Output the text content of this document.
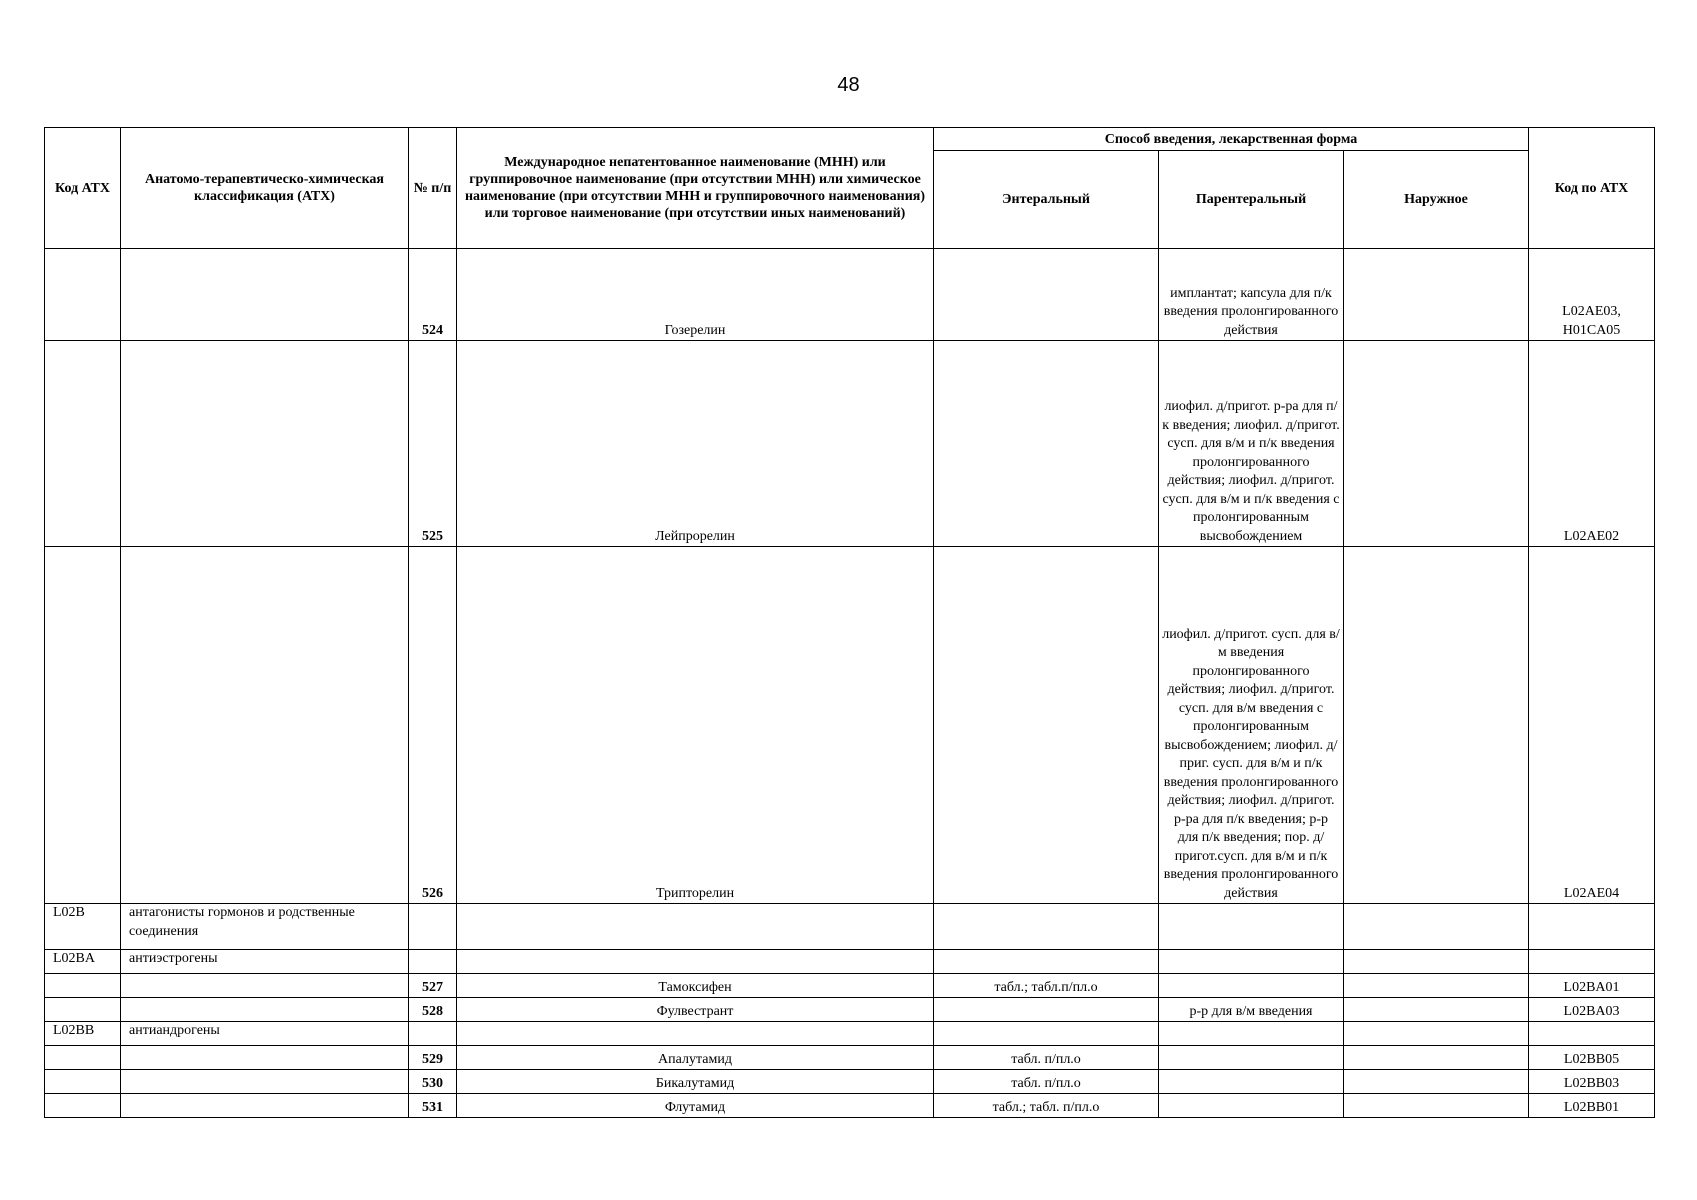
48
Код АТХ	Анатомо-терапевтическо-химическая классификация (АТХ)	№ п/п	Международное непатентованное наименование (МНН) или группировочное наименование (при отсутствии МНН) или химическое наименование (при отсутствии МНН и группировочного наименования) или торговое наименование (при отсутствии иных наименований)	Способ введения, лекарственная форма			Код по АТХ
				Энтеральный	Парентеральный	Наружное	
		524	Гозерелин		имплантат; капсула для п/к введения пролонгированного действия		L02AE03, H01CA05
		525	Лейпрорелин		лиофил. д/пригот. р-ра для п/к введения; лиофил. д/пригот. сусп. для в/м и п/к введения пролонгированного действия; лиофил. д/пригот. сусп. для в/м и п/к введения с пролонгированным высвобождением		L02AE02
		526	Трипторелин		лиофил. д/пригот. сусп. для в/м введения пролонгированного действия; лиофил. д/пригот. сусп. для в/м введения с пролонгированным высвобождением; лиофил. д/приг. сусп. для в/м и п/к введения пролонгированного действия; лиофил. д/пригот. р-ра для п/к введения; р-р для п/к введения; пор. д/пригот.сусп. для в/м и п/к введения пролонгированного действия		L02AE04
L02B	антагонисты гормонов и родственные соединения						
L02BA	антиэстрогены						
		527	Тамоксифен	табл.; табл.п/пл.о			L02BA01
		528	Фулвестрант		р-р для в/м введения		L02BA03
L02BB	антиандрогены						
		529	Апалутамид	табл. п/пл.о			L02BB05
		530	Бикалутамид	табл. п/пл.о			L02BB03
		531	Флутамид	табл.; табл. п/пл.о			L02BB01
